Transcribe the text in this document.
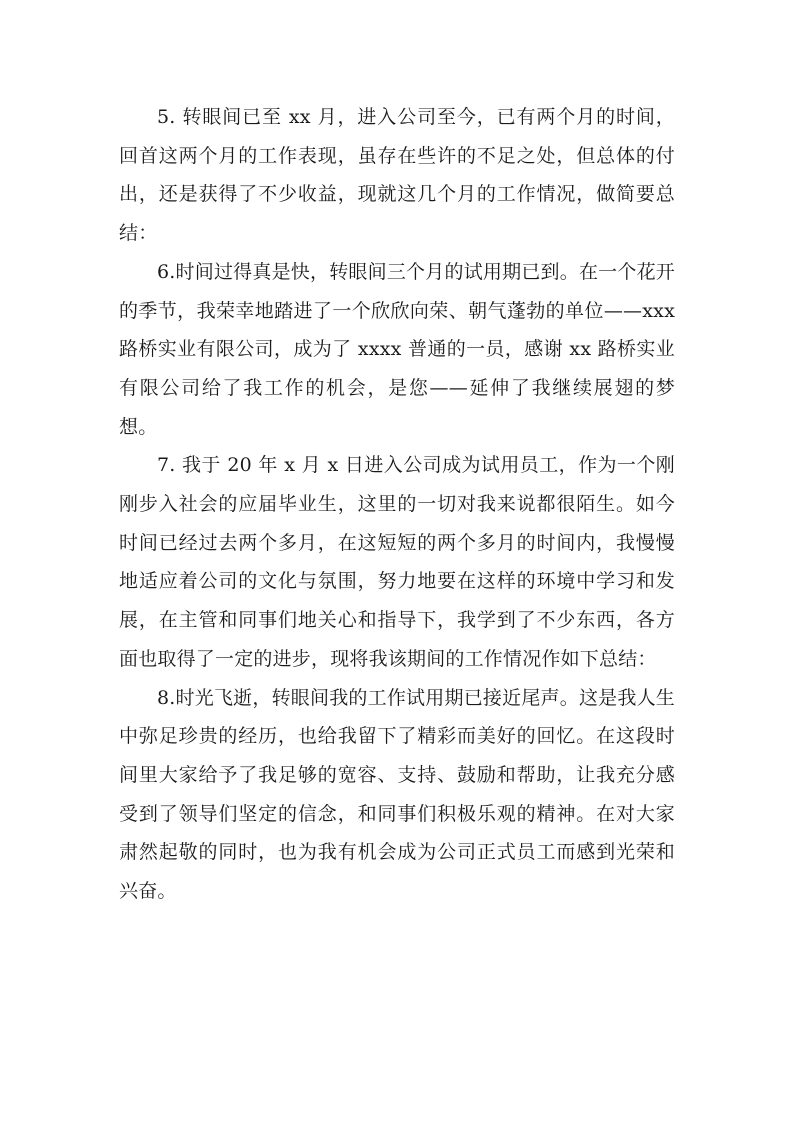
5. 转眼间已至 xx 月，进入公司至今，已有两个月的时间，回首这两个月的工作表现，虽存在些许的不足之处，但总体的付出，还是获得了不少收益，现就这几个月的工作情况，做简要总结：

6.时间过得真是快，转眼间三个月的试用期已到。在一个花开的季节，我荣幸地踏进了一个欣欣向荣、朝气蓬勃的单位——xxx 路桥实业有限公司，成为了 xxxx 普通的一员，感谢 xx 路桥实业有限公司给了我工作的机会，是您——延伸了我继续展翅的梦想。

7. 我于 20 年 x 月 x 日进入公司成为试用员工，作为一个刚刚步入社会的应届毕业生，这里的一切对我来说都很陌生。如今时间已经过去两个多月，在这短短的两个多月的时间内，我慢慢地适应着公司的文化与氛围，努力地要在这样的环境中学习和发展，在主管和同事们地关心和指导下，我学到了不少东西，各方面也取得了一定的进步，现将我该期间的工作情况作如下总结：

8.时光飞逝，转眼间我的工作试用期已接近尾声。这是我人生中弥足珍贵的经历，也给我留下了精彩而美好的回忆。在这段时间里大家给予了我足够的宽容、支持、鼓励和帮助，让我充分感受到了领导们坚定的信念，和同事们积极乐观的精神。在对大家肃然起敬的同时，也为我有机会成为公司正式员工而感到光荣和兴奋。
